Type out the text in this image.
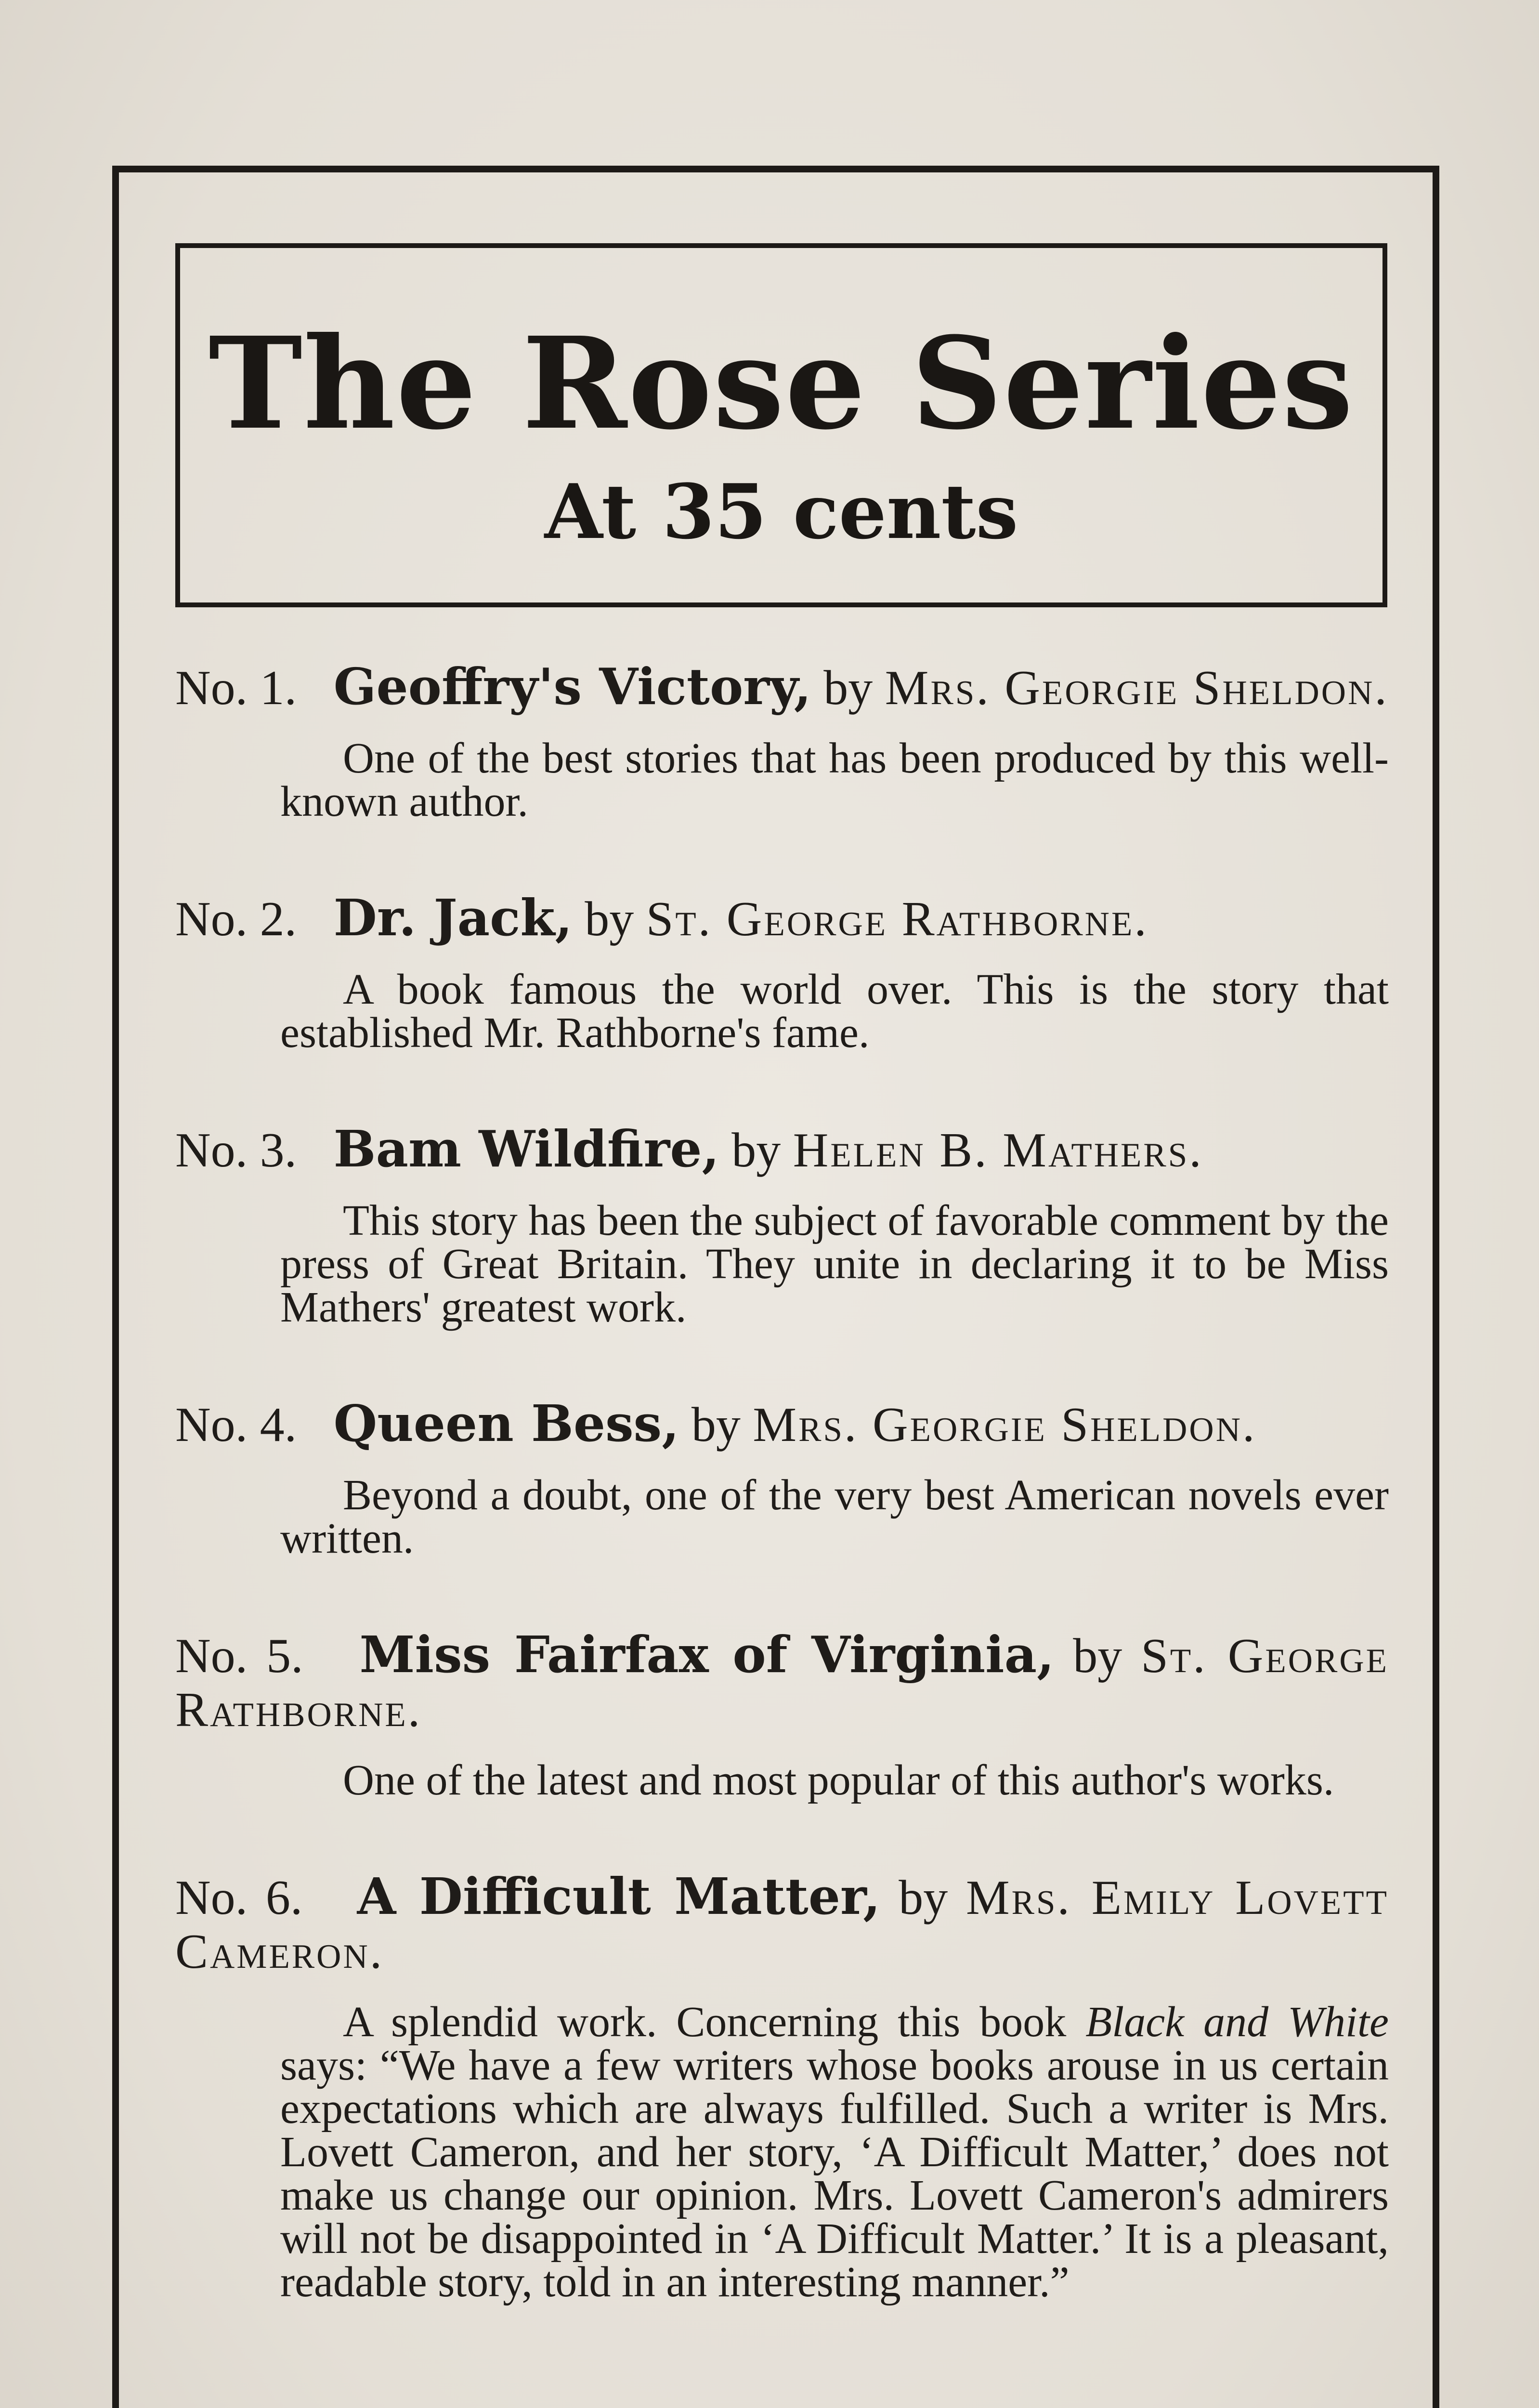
The Rose Series
At 35 cents

No. 1. Geoffry's Victory, by Mrs. Georgie Sheldon.

One of the best stories that has been produced by this well-known author.

No. 2. Dr. Jack, by St. George Rathborne.

A book famous the world over. This is the story that established Mr. Rathborne's fame.

No. 3. Bam Wildfire, by Helen B. Mathers.

This story has been the subject of favorable comment by the press of Great Britain. They unite in declaring it to be Miss Mathers' greatest work.

No. 4. Queen Bess, by Mrs. Georgie Sheldon.

Beyond a doubt, one of the very best American novels ever written.

No. 5. Miss Fairfax of Virginia, by St. George Rathborne.

One of the latest and most popular of this author's works.

No. 6. A Difficult Matter, by Mrs. Emily Lovett Cameron.

A splendid work. Concerning this book Black and White says: “We have a few writers whose books arouse in us certain expectations which are always fulfilled. Such a writer is Mrs. Lovett Cameron, and her story, ‘A Difficult Matter,’ does not make us change our opinion. Mrs. Lovett Cameron's admirers will not be disappointed in ‘A Difficult Matter.’ It is a pleasant, readable story, told in an interesting manner.”
